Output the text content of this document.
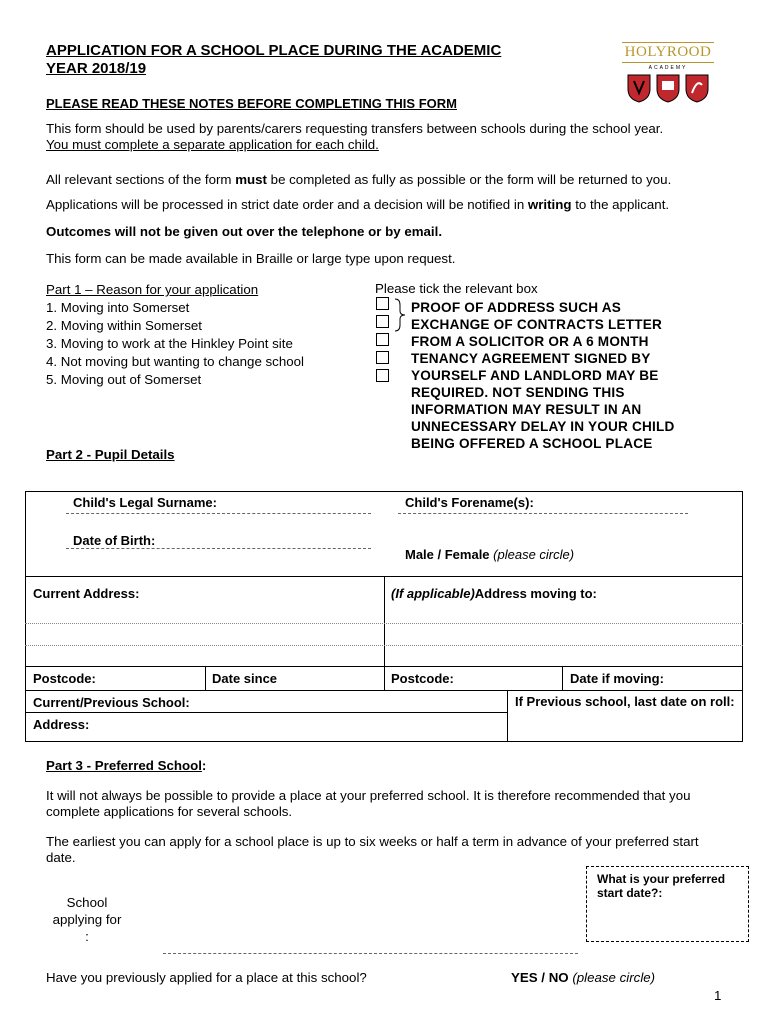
APPLICATION FOR A SCHOOL PLACE DURING THE ACADEMIC
YEAR 2018/19
HOLYROOD
ACADEMY
PLEASE READ THESE NOTES BEFORE COMPLETING THIS FORM
This form should be used by parents/carers requesting transfers between schools during the school year.
You must complete a separate application for each child.
All relevant sections of the form must be completed as fully as possible or the form will be returned to you.
Applications will be processed in strict date order and a decision will be notified in writing to the applicant.
Outcomes will not be given out over the telephone or by email.
This form can be made available in Braille or large type upon request.
Part 1 – Reason for your application
1. Moving into Somerset
2. Moving within Somerset
3. Moving to work at the Hinkley Point site
4. Not moving but wanting to change school
5. Moving out of Somerset
Please tick the relevant box
PROOF OF ADDRESS SUCH AS
EXCHANGE OF CONTRACTS LETTER
FROM A SOLICITOR OR A 6 MONTH
TENANCY AGREEMENT SIGNED BY
YOURSELF AND LANDLORD MAY BE
REQUIRED. NOT SENDING THIS
INFORMATION MAY RESULT IN AN
UNNECESSARY DELAY IN YOUR CHILD
BEING OFFERED A SCHOOL PLACE
Part 2 - Pupil Details
Child's Legal Surname:	Child's Forename(s):
Date of Birth:
Male / Female (please circle)
Current Address:	(If applicable)Address moving to:
Postcode:	Date since	Postcode:	Date if moving:
Current/Previous School:
Address:
If Previous school, last date on roll:
Part 3 - Preferred School:
It will not always be possible to provide a place at your preferred school. It is therefore recommended that you complete applications for several schools.
The earliest you can apply for a school place is up to six weeks or half a term in advance of your preferred start date.
What is your preferred start date?:
School applying for :
Have you previously applied for a place at this school?	YES / NO (please circle)
1
